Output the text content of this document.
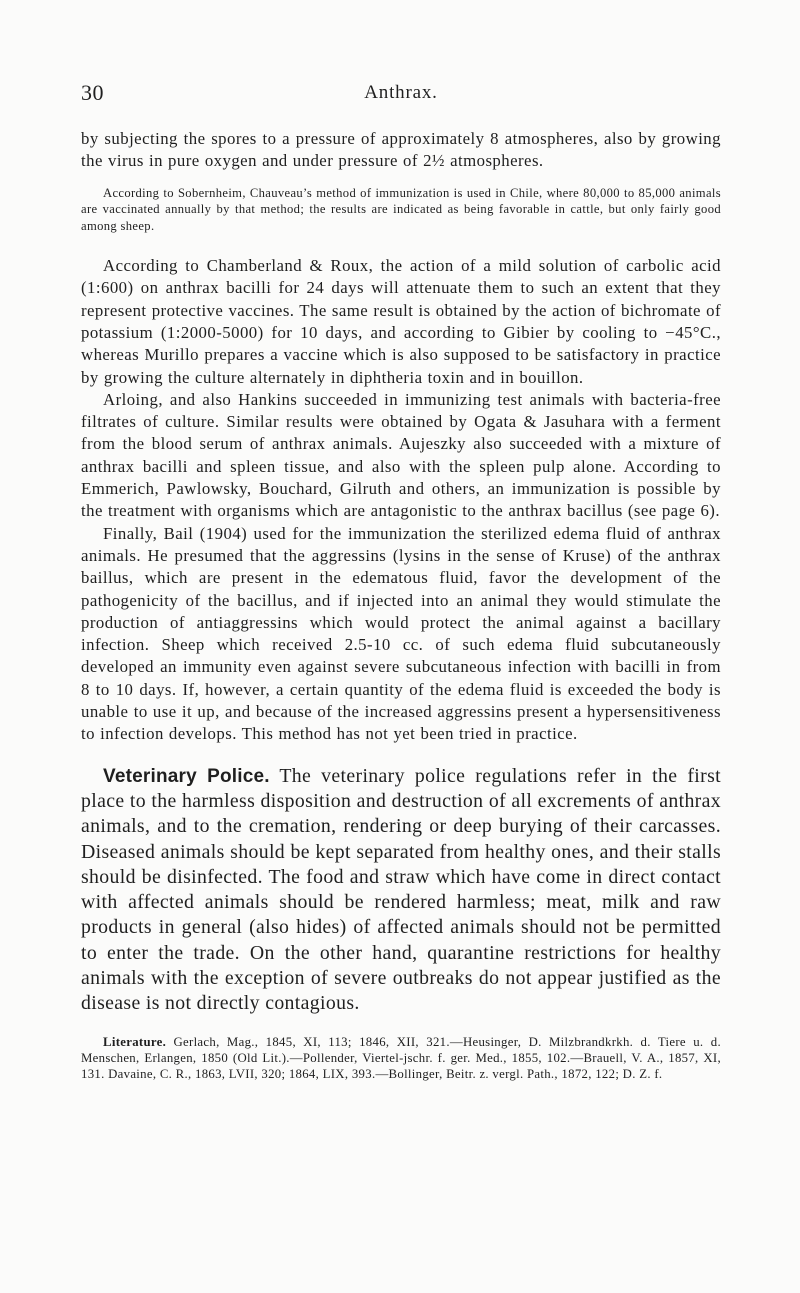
30	Anthrax.

by subjecting the spores to a pressure of approximately 8 atmospheres, also by growing the virus in pure oxygen and under pressure of 2½ atmospheres.

According to Sobernheim, Chauveau’s method of immunization is used in Chile, where 80,000 to 85,000 animals are vaccinated annually by that method; the results are indicated as being favorable in cattle, but only fairly good among sheep.

According to Chamberland & Roux, the action of a mild solution of carbolic acid (1:600) on anthrax bacilli for 24 days will attenuate them to such an extent that they represent protective vaccines. The same result is obtained by the action of bichromate of potassium (1:2000-5000) for 10 days, and according to Gibier by cooling to −45°C., whereas Murillo prepares a vaccine which is also supposed to be satisfactory in practice by growing the culture alternately in diphtheria toxin and in bouillon.

Arloing, and also Hankins succeeded in immunizing test animals with bacteria-free filtrates of culture. Similar results were obtained by Ogata & Jasuhara with a ferment from the blood serum of anthrax animals. Aujeszky also succeeded with a mixture of anthrax bacilli and spleen tissue, and also with the spleen pulp alone. According to Emmerich, Pawlowsky, Bouchard, Gilruth and others, an immunization is possible by the treatment with organisms which are antagonistic to the anthrax bacillus (see page 6).

Finally, Bail (1904) used for the immunization the sterilized edema fluid of anthrax animals. He presumed that the aggressins (lysins in the sense of Kruse) of the anthrax baillus, which are present in the edematous fluid, favor the development of the pathogenicity of the bacillus, and if injected into an animal they would stimulate the production of antiaggressins which would protect the animal against a bacillary infection. Sheep which received 2.5-10 cc. of such edema fluid subcutaneously developed an immunity even against severe subcutaneous infection with bacilli in from 8 to 10 days. If, however, a certain quantity of the edema fluid is exceeded the body is unable to use it up, and because of the increased aggressins present a hypersensitiveness to infection develops. This method has not yet been tried in practice.

Veterinary Police. The veterinary police regulations refer in the first place to the harmless disposition and destruction of all excrements of anthrax animals, and to the cremation, rendering or deep burying of their carcasses. Diseased animals should be kept separated from healthy ones, and their stalls should be disinfected. The food and straw which have come in direct contact with affected animals should be rendered harmless; meat, milk and raw products in general (also hides) of affected animals should not be permitted to enter the trade. On the other hand, quarantine restrictions for healthy animals with the exception of severe outbreaks do not appear justified as the disease is not directly contagious.

Literature. Gerlach, Mag., 1845, XI, 113; 1846, XII, 321.—Heusinger, D. Milzbrandkrkh. d. Tiere u. d. Menschen, Erlangen, 1850 (Old Lit.).—Pollender, Viertel-jschr. f. ger. Med., 1855, 102.—Brauell, V. A., 1857, XI, 131. Davaine, C. R., 1863, LVII, 320; 1864, LIX, 393.—Bollinger, Beitr. z. vergl. Path., 1872, 122; D. Z. f.
